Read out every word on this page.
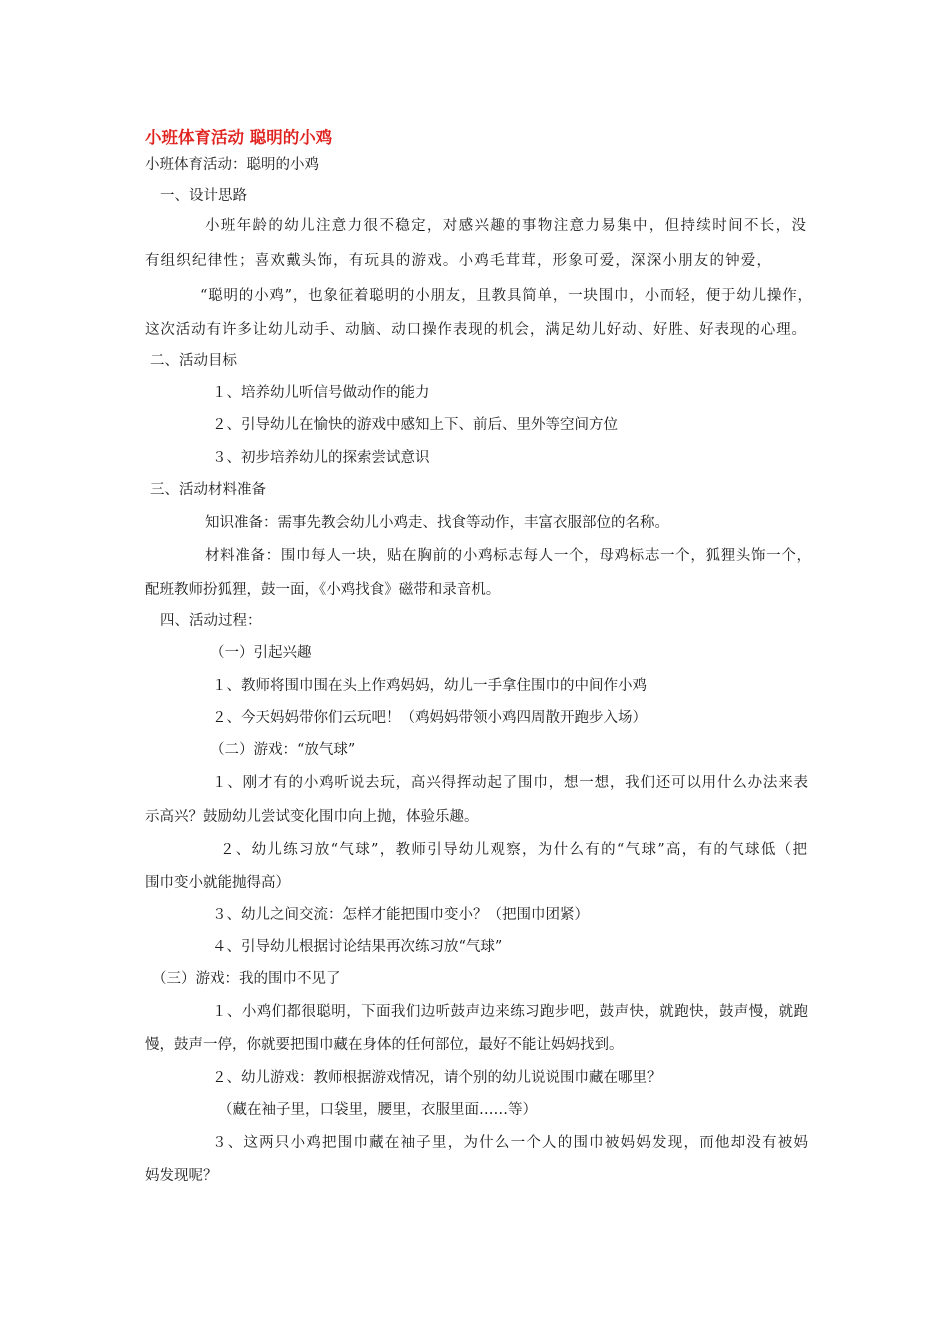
小班体育活动 聪明的小鸡
小班体育活动：聪明的小鸡
一、设计思路
小班年龄的幼儿注意力很不稳定，对感兴趣的事物注意力易集中，但持续时间不长，没
有组织纪律性；喜欢戴头饰，有玩具的游戏。小鸡毛茸茸，形象可爱，深深小朋友的钟爱，
“聪明的小鸡”，也象征着聪明的小朋友，且教具简单，一块围巾，小而轻，便于幼儿操作，
这次活动有许多让幼儿动手、动脑、动口操作表现的机会，满足幼儿好动、好胜、好表现的心理。
二、活动目标
１、培养幼儿听信号做动作的能力
２、引导幼儿在愉快的游戏中感知上下、前后、里外等空间方位
３、初步培养幼儿的探索尝试意识
三、活动材料准备
知识准备：需事先教会幼儿小鸡走、找食等动作，丰富衣服部位的名称。
材料准备：围巾每人一块，贴在胸前的小鸡标志每人一个，母鸡标志一个，狐狸头饰一个，
配班教师扮狐狸，鼓一面，《小鸡找食》磁带和录音机。
四、活动过程：
（一）引起兴趣
１、教师将围巾围在头上作鸡妈妈，幼儿一手拿住围巾的中间作小鸡
２、今天妈妈带你们云玩吧！（鸡妈妈带领小鸡四周散开跑步入场）
（二）游戏：“放气球”
１、刚才有的小鸡听说去玩，高兴得挥动起了围巾，想一想，我们还可以用什么办法来表
示高兴？鼓励幼儿尝试变化围巾向上抛，体验乐趣。
２、幼儿练习放“气球”，教师引导幼儿观察，为什么有的“气球”高，有的气球低（把
围巾变小就能抛得高）
３、幼儿之间交流：怎样才能把围巾变小？（把围巾团紧）
４、引导幼儿根据讨论结果再次练习放“气球”
（三）游戏：我的围巾不见了
１、小鸡们都很聪明，下面我们边听鼓声边来练习跑步吧，鼓声快，就跑快，鼓声慢，就跑
慢，鼓声一停，你就要把围巾藏在身体的任何部位，最好不能让妈妈找到。
２、幼儿游戏：教师根据游戏情况，请个别的幼儿说说围巾藏在哪里？
（藏在袖子里，口袋里，腰里，衣服里面……等）
３、这两只小鸡把围巾藏在袖子里，为什么一个人的围巾被妈妈发现，而他却没有被妈
妈发现呢？
